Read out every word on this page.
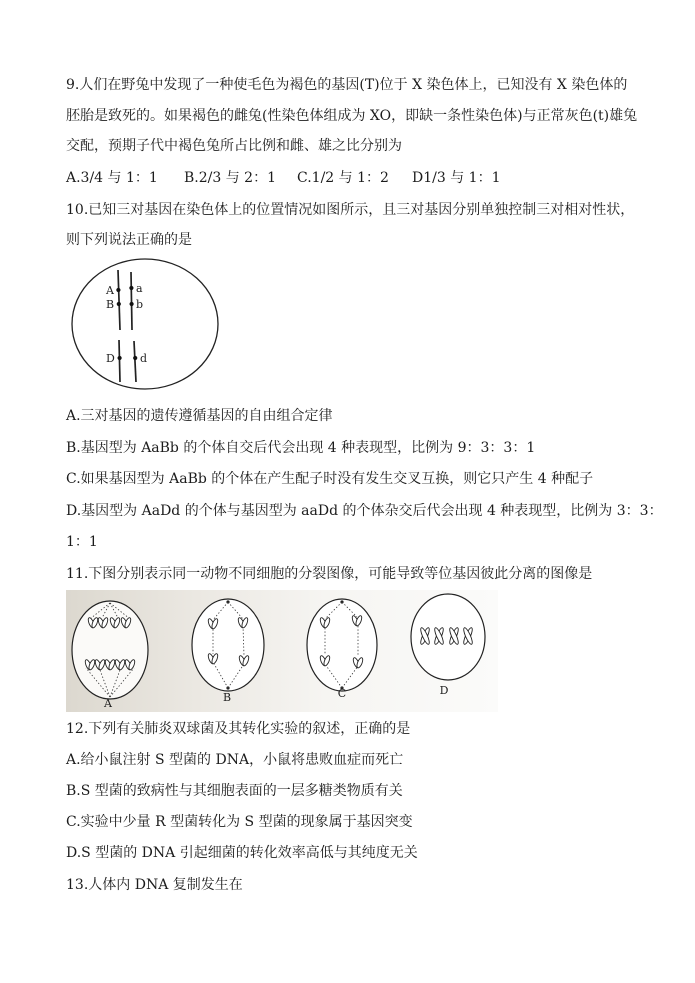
9.人们在野兔中发现了一种使毛色为褐色的基因(T)位于 X 染色体上，已知没有 X 染色体的
胚胎是致死的。如果褐色的雌兔(性染色体组成为 XO，即缺一条性染色体)与正常灰色(t)雄兔
交配，预期子代中褐色兔所占比例和雌、雄之比分别为
A.3/4 与 1：1 B.2/3 与 2：1 C.1/2 与 1：2 D1/3 与 1：1
10.已知三对基因在染色体上的位置情况如图所示，且三对基因分别单独控制三对相对性状，
则下列说法正确的是
A a
B b
D d
A.三对基因的遗传遵循基因的自由组合定律
B.基因型为 AaBb 的个体自交后代会出现 4 种表现型，比例为 9：3：3：1
C.如果基因型为 AaBb 的个体在产生配子时没有发生交叉互换，则它只产生 4 种配子
D.基因型为 AaDd 的个体与基因型为 aaDd 的个体杂交后代会出现 4 种表现型，比例为 3：3：
1：1
11.下图分别表示同一动物不同细胞的分裂图像，可能导致等位基因彼此分离的图像是
A	B	C	D
12.下列有关肺炎双球菌及其转化实验的叙述，正确的是
A.给小鼠注射 S 型菌的 DNA，小鼠将患败血症而死亡
B.S 型菌的致病性与其细胞表面的一层多糖类物质有关
C.实验中少量 R 型菌转化为 S 型菌的现象属于基因突变
D.S 型菌的 DNA 引起细菌的转化效率高低与其纯度无关
13.人体内 DNA 复制发生在
